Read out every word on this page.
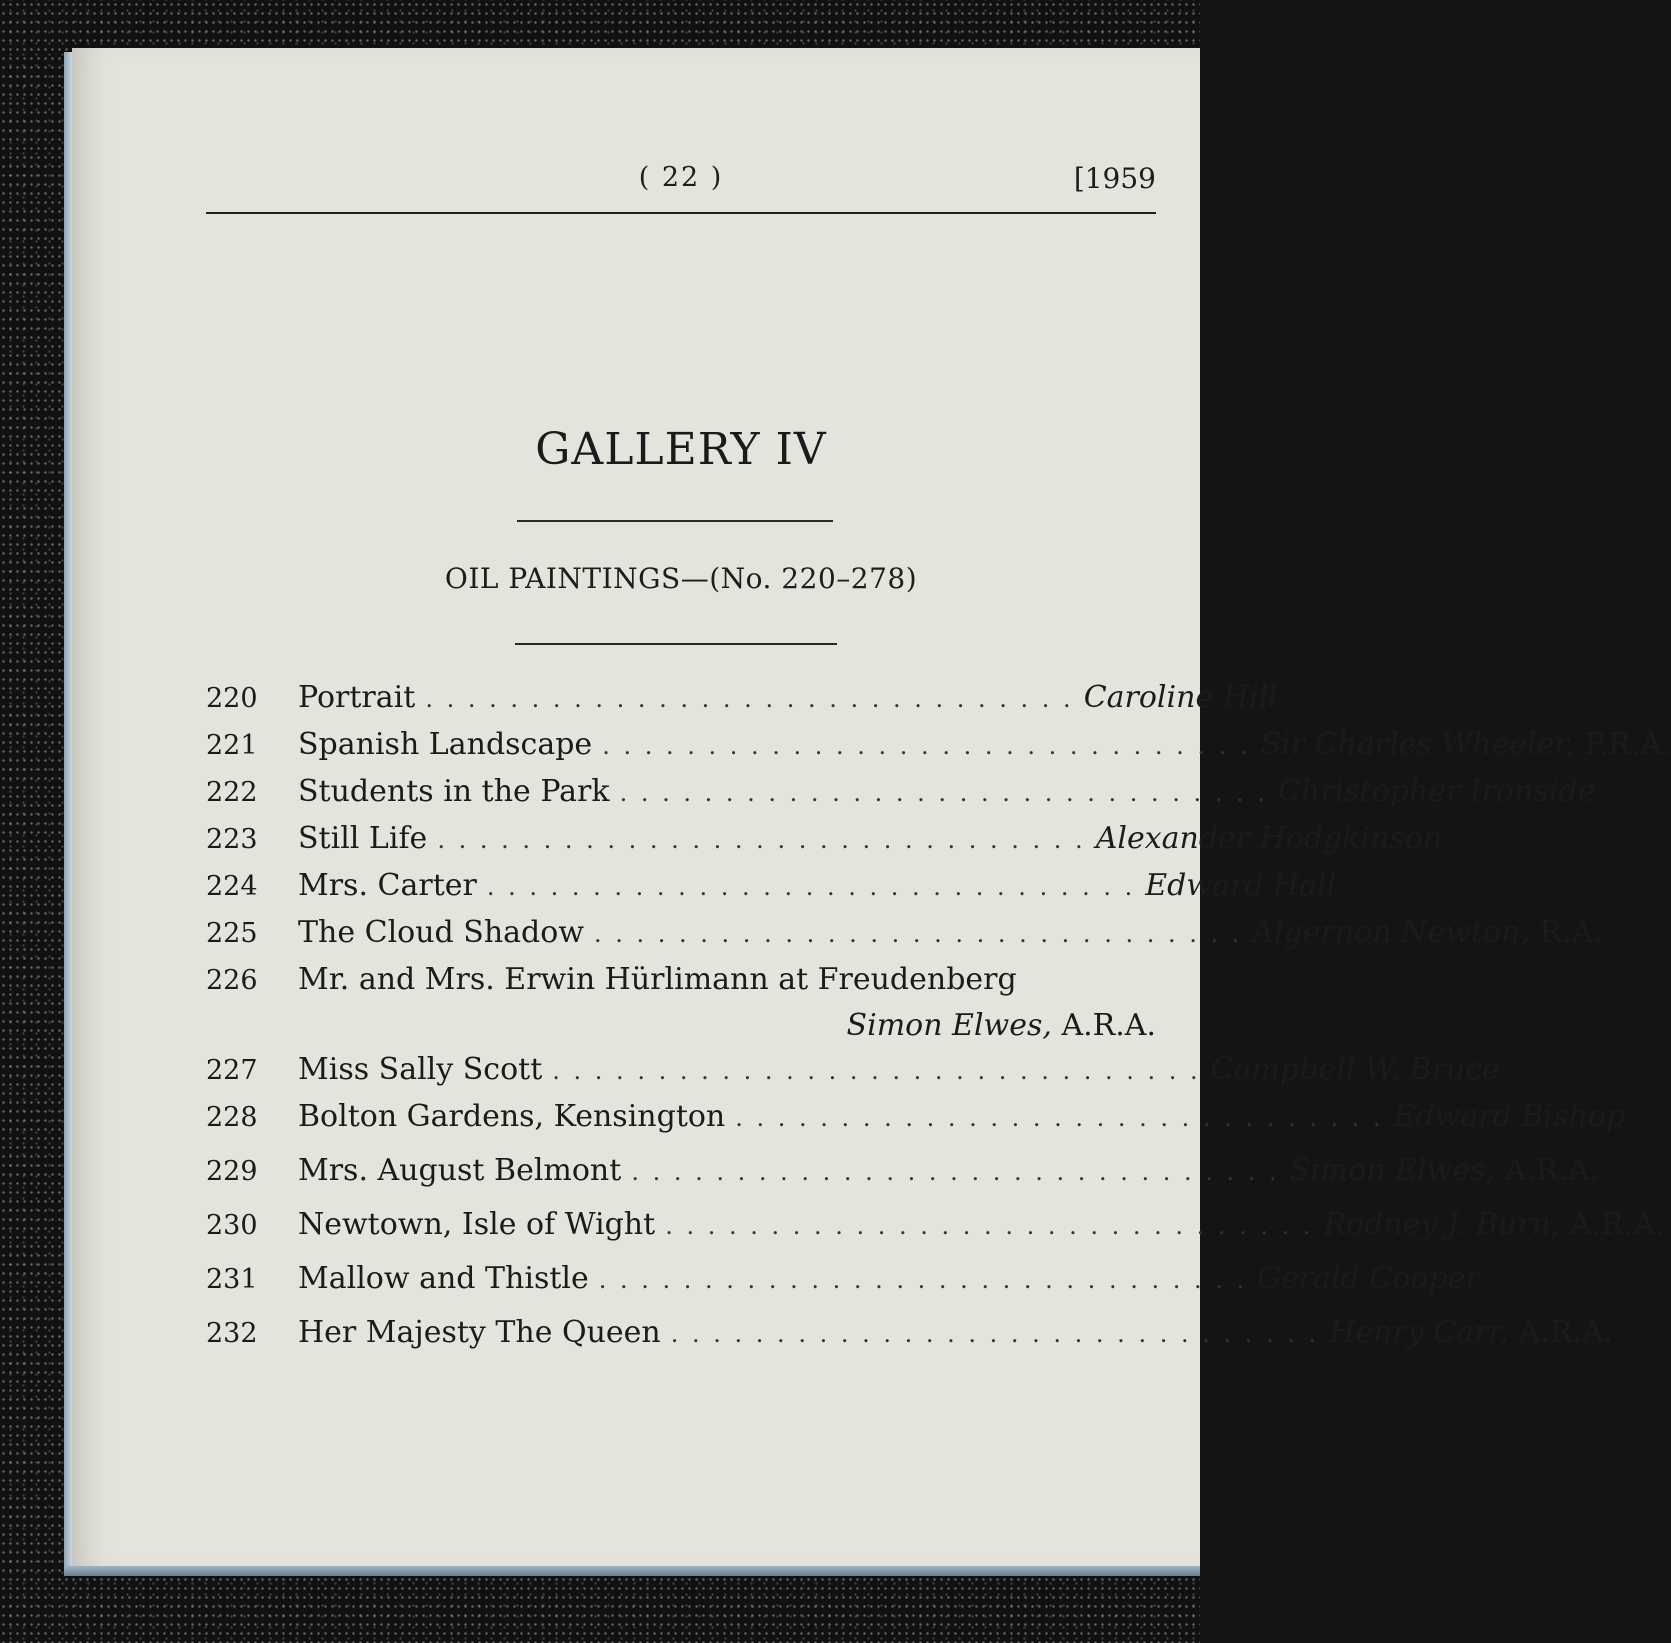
( 22 )	[1959
GALLERY IV
OIL PAINTINGS—(No. 220–278)
220	Portrait . . . . . . . . . . . . . . . . . . . . . . . . . . . . . . . Caroline Hill
221	Spanish Landscape . . . . . . . . . . . . . . . . . . . . . . . . . . . . . . . Sir Charles Wheeler, P.R.A.
222	Students in the Park . . . . . . . . . . . . . . . . . . . . . . . . . . . . . . . Christopher Ironside
223	Still Life . . . . . . . . . . . . . . . . . . . . . . . . . . . . . . . Alexander Hodgkinson
224	Mrs. Carter . . . . . . . . . . . . . . . . . . . . . . . . . . . . . . . Edward Hall
225	The Cloud Shadow . . . . . . . . . . . . . . . . . . . . . . . . . . . . . . . Algernon Newton, R.A.
226	Mr. and Mrs. Erwin Hürlimann at Freudenberg
Simon Elwes, A.R.A.
227	Miss Sally Scott . . . . . . . . . . . . . . . . . . . . . . . . . . . . . . . Campbell W. Bruce
228	Bolton Gardens, Kensington . . . . . . . . . . . . . . . . . . . . . . . . . . . . . . . Edward Bishop
229	Mrs. August Belmont . . . . . . . . . . . . . . . . . . . . . . . . . . . . . . . Simon Elwes, A.R.A.
230	Newtown, Isle of Wight . . . . . . . . . . . . . . . . . . . . . . . . . . . . . . . Rodney J. Burn, A.R.A.
231	Mallow and Thistle . . . . . . . . . . . . . . . . . . . . . . . . . . . . . . . Gerald Cooper
232	Her Majesty The Queen . . . . . . . . . . . . . . . . . . . . . . . . . . . . . . . Henry Carr, A.R.A.
